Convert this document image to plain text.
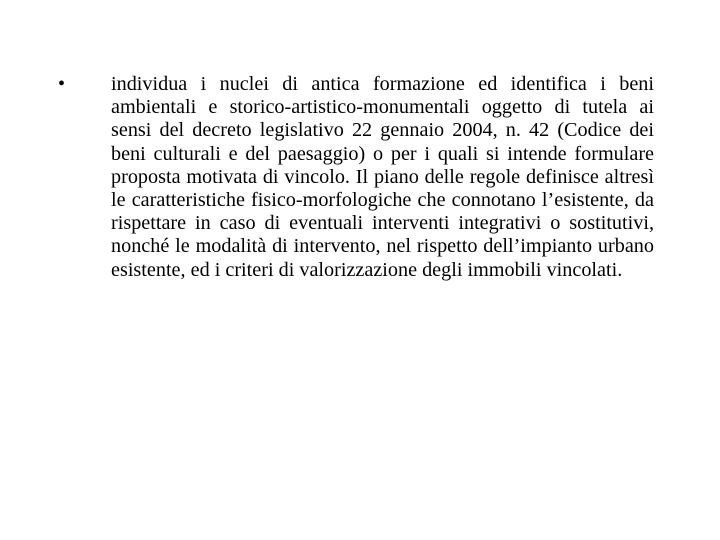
• individua i nuclei di antica formazione ed identifica i beni ambientali e storico-artistico-monumentali oggetto di tutela ai sensi del decreto legislativo 22 gennaio 2004, n. 42 (Codice dei beni culturali e del paesaggio) o per i quali si intende formulare proposta motivata di vincolo. Il piano delle regole definisce altresì le caratteristiche fisico-morfologiche che connotano l’esistente, da rispettare in caso di eventuali interventi integrativi o sostitutivi, nonché le modalità di intervento, nel rispetto dell’impianto urbano esistente, ed i criteri di valorizzazione degli immobili vincolati.
